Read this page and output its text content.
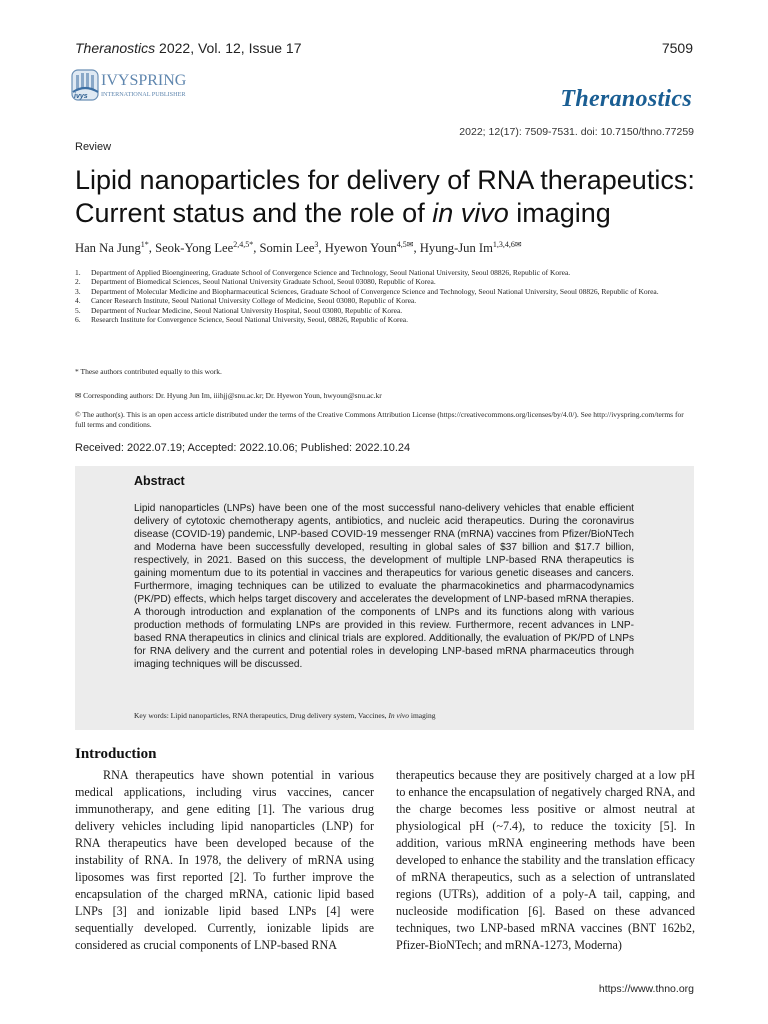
Theranostics 2022, Vol. 12, Issue 17	7509
ivys
IVYSPRING
INTERNATIONAL PUBLISHER	Theranostics
2022; 12(17): 7509-7531. doi: 10.7150/thno.77259
Review
Lipid nanoparticles for delivery of RNA therapeutics:
Current status and the role of in vivo imaging
Han Na Jung$^{1*}$, Seok-Yong Lee$^{2,4,5*}$, Somin Lee$^3$, Hyewon Youn$^{4,5✉}$, Hyung-Jun $Im^{1,3,4,6✉}$
1. Department of Applied Bioengineering, Graduate School of Convergence Science and Technology, Seoul National University, Seoul 08826, Republic of Korea.
2. Department of Biomedical Sciences, Seoul National University Graduate School, Seoul 03080, Republic of Korea.
3. Department of Molecular Medicine and Biopharmaceutical Sciences, Graduate School of Convergence Science and Technology, Seoul National University, Seoul 08826, Republic of Korea.
4. Cancer Research Institute, Seoul National University College of Medicine, Seoul 03080, Republic of Korea.
5. Department of Nuclear Medicine, Seoul National University Hospital, Seoul 03080, Republic of Korea.
6. Research Institute for Convergence Science, Seoul National University, Seoul, 08826, Republic of Korea.
* These authors contributed equally to this work.
✉ Corresponding authors: Dr. Hyung Jun Im, iiihjj@snu.ac.kr; Dr. Hyewon Youn, hwyoun@snu.ac.kr
© The author(s). This is an open access article distributed under the terms of the Creative Commons Attribution License (https://creativecommons.org/licenses/by/4.0/). See http://ivyspring.com/terms for full terms and conditions.
Received: 2022.07.19; Accepted: 2022.10.06; Published: 2022.10.24
Abstract
Lipid nanoparticles (LNPs) have been one of the most successful nano-delivery vehicles that enable efficient delivery of cytotoxic chemotherapy agents, antibiotics, and nucleic acid therapeutics. During the coronavirus disease (COVID-19) pandemic, LNP-based COVID-19 messenger RNA (mRNA) vaccines from Pfizer/BioNTech and Moderna have been successfully developed, resulting in global sales of $37 billion and $17.7 billion, respectively, in 2021. Based on this success, the development of multiple LNP-based RNA therapeutics is gaining momentum due to its potential in vaccines and therapeutics for various genetic diseases and cancers. Furthermore, imaging techniques can be utilized to evaluate the pharmacokinetics and pharmacodynamics (PK/PD) effects, which helps target discovery and accelerates the development of LNP-based mRNA therapies. A thorough introduction and explanation of the components of LNPs and its functions along with various production methods of formulating LNPs are provided in this review. Furthermore, recent advances in LNP-based RNA therapeutics in clinics and clinical trials are explored. Additionally, the evaluation of PK/PD of LNPs for RNA delivery and the current and potential roles in developing LNP-based mRNA pharmaceutics through imaging techniques will be discussed.
Key words: Lipid nanoparticles, RNA therapeutics, Drug delivery system, Vaccines, In vivo imaging
Introduction
RNA therapeutics have shown potential in various medical applications, including virus vaccines, cancer immunotherapy, and gene editing [1]. The various drug delivery vehicles including lipid nanoparticles (LNP) for RNA therapeutics have been developed because of the instability of RNA. In 1978, the delivery of mRNA using liposomes was first reported [2]. To further improve the encapsulation of the charged mRNA, cationic lipid based LNPs [3] and ionizable lipid based LNPs [4] were sequentially developed. Currently, ionizable lipids are considered as crucial components of LNP-based RNA
therapeutics because they are positively charged at a low pH to enhance the encapsulation of negatively charged RNA, and the charge becomes less positive or almost neutral at physiological pH (~7.4), to reduce the toxicity [5]. In addition, various mRNA engineering methods have been developed to enhance the stability and the translation efficacy of mRNA therapeutics, such as a selection of untranslated regions (UTRs), addition of a poly-A tail, capping, and nucleoside modification [6]. Based on these advanced techniques, two LNP-based mRNA vaccines (BNT 162b2, Pfizer-BioNTech; and mRNA-1273, Moderna)
https://www.thno.org
